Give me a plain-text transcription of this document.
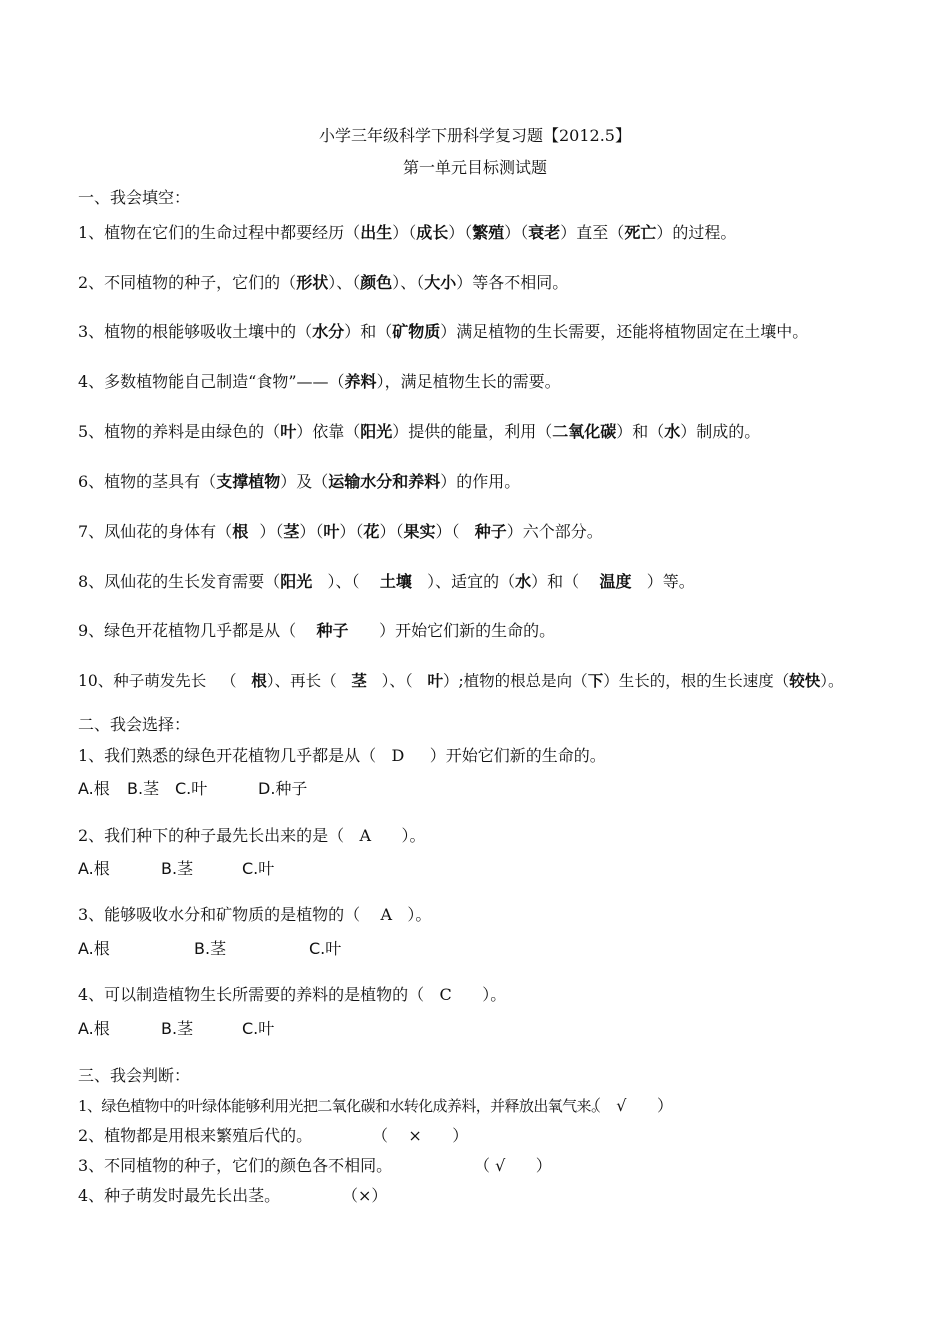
小学三年级科学下册科学复习题【2012.5】
第一单元目标测试题
一、我会填空：
1、植物在它们的生命过程中都要经历（出生）（成长）（繁殖）（衰老）直至（死亡）的过程。
2、不同植物的种子，它们的（形状）、（颜色）、（大小）等各不相同。
3、植物的根能够吸收土壤中的（水分）和（矿物质）满足植物的生长需要，还能将植物固定在土壤中。
4、多数植物能自己制造“食物”——（养料），满足植物生长的需要。
5、植物的养料是由绿色的（叶）依靠（阳光）提供的能量，利用（二氧化碳）和（水）制成的。
6、植物的茎具有（支撑植物）及（运输水分和养料）的作用。
7、凤仙花的身体有（根  ）（茎）（叶）（花）（果实）（   种子）六个部分。
8、凤仙花的生长发育需要（阳光   ）、（    土壤   ）、适宜的（水）和（    温度   ）等。
9、绿色开花植物几乎都是从（    种子      ）开始它们新的生命的。
10、种子萌发先长   （   根）、再长（   茎   ）、（   叶）;植物的根总是向（下）生长的，根的生长速度（较快）。
二、我会选择：
1、我们熟悉的绿色开花植物几乎都是从（   D     ）开始它们新的生命的。
A.根 B.茎 C.叶	D.种子
2、我们种下的种子最先长出来的是（   A      ）。
A.根	B.茎	C.叶
3、能够吸收水分和矿物质的是植物的（    A   ）。
A.根	B.茎	C.叶
4、可以制造植物生长所需要的养料的是植物的（   C      ）。
A.根	B.茎	C.叶
三、我会判断：
1、绿色植物中的叶绿体能够利用光把二氧化碳和水转化成养料，并释放出氧气来。
（   √      ）
2、植物都是用根来繁殖后代的。	（    ×      ）
3、不同植物的种子，它们的颜色各不相同。	（ √      ）
4、种子萌发时最先长出茎。	（×）
